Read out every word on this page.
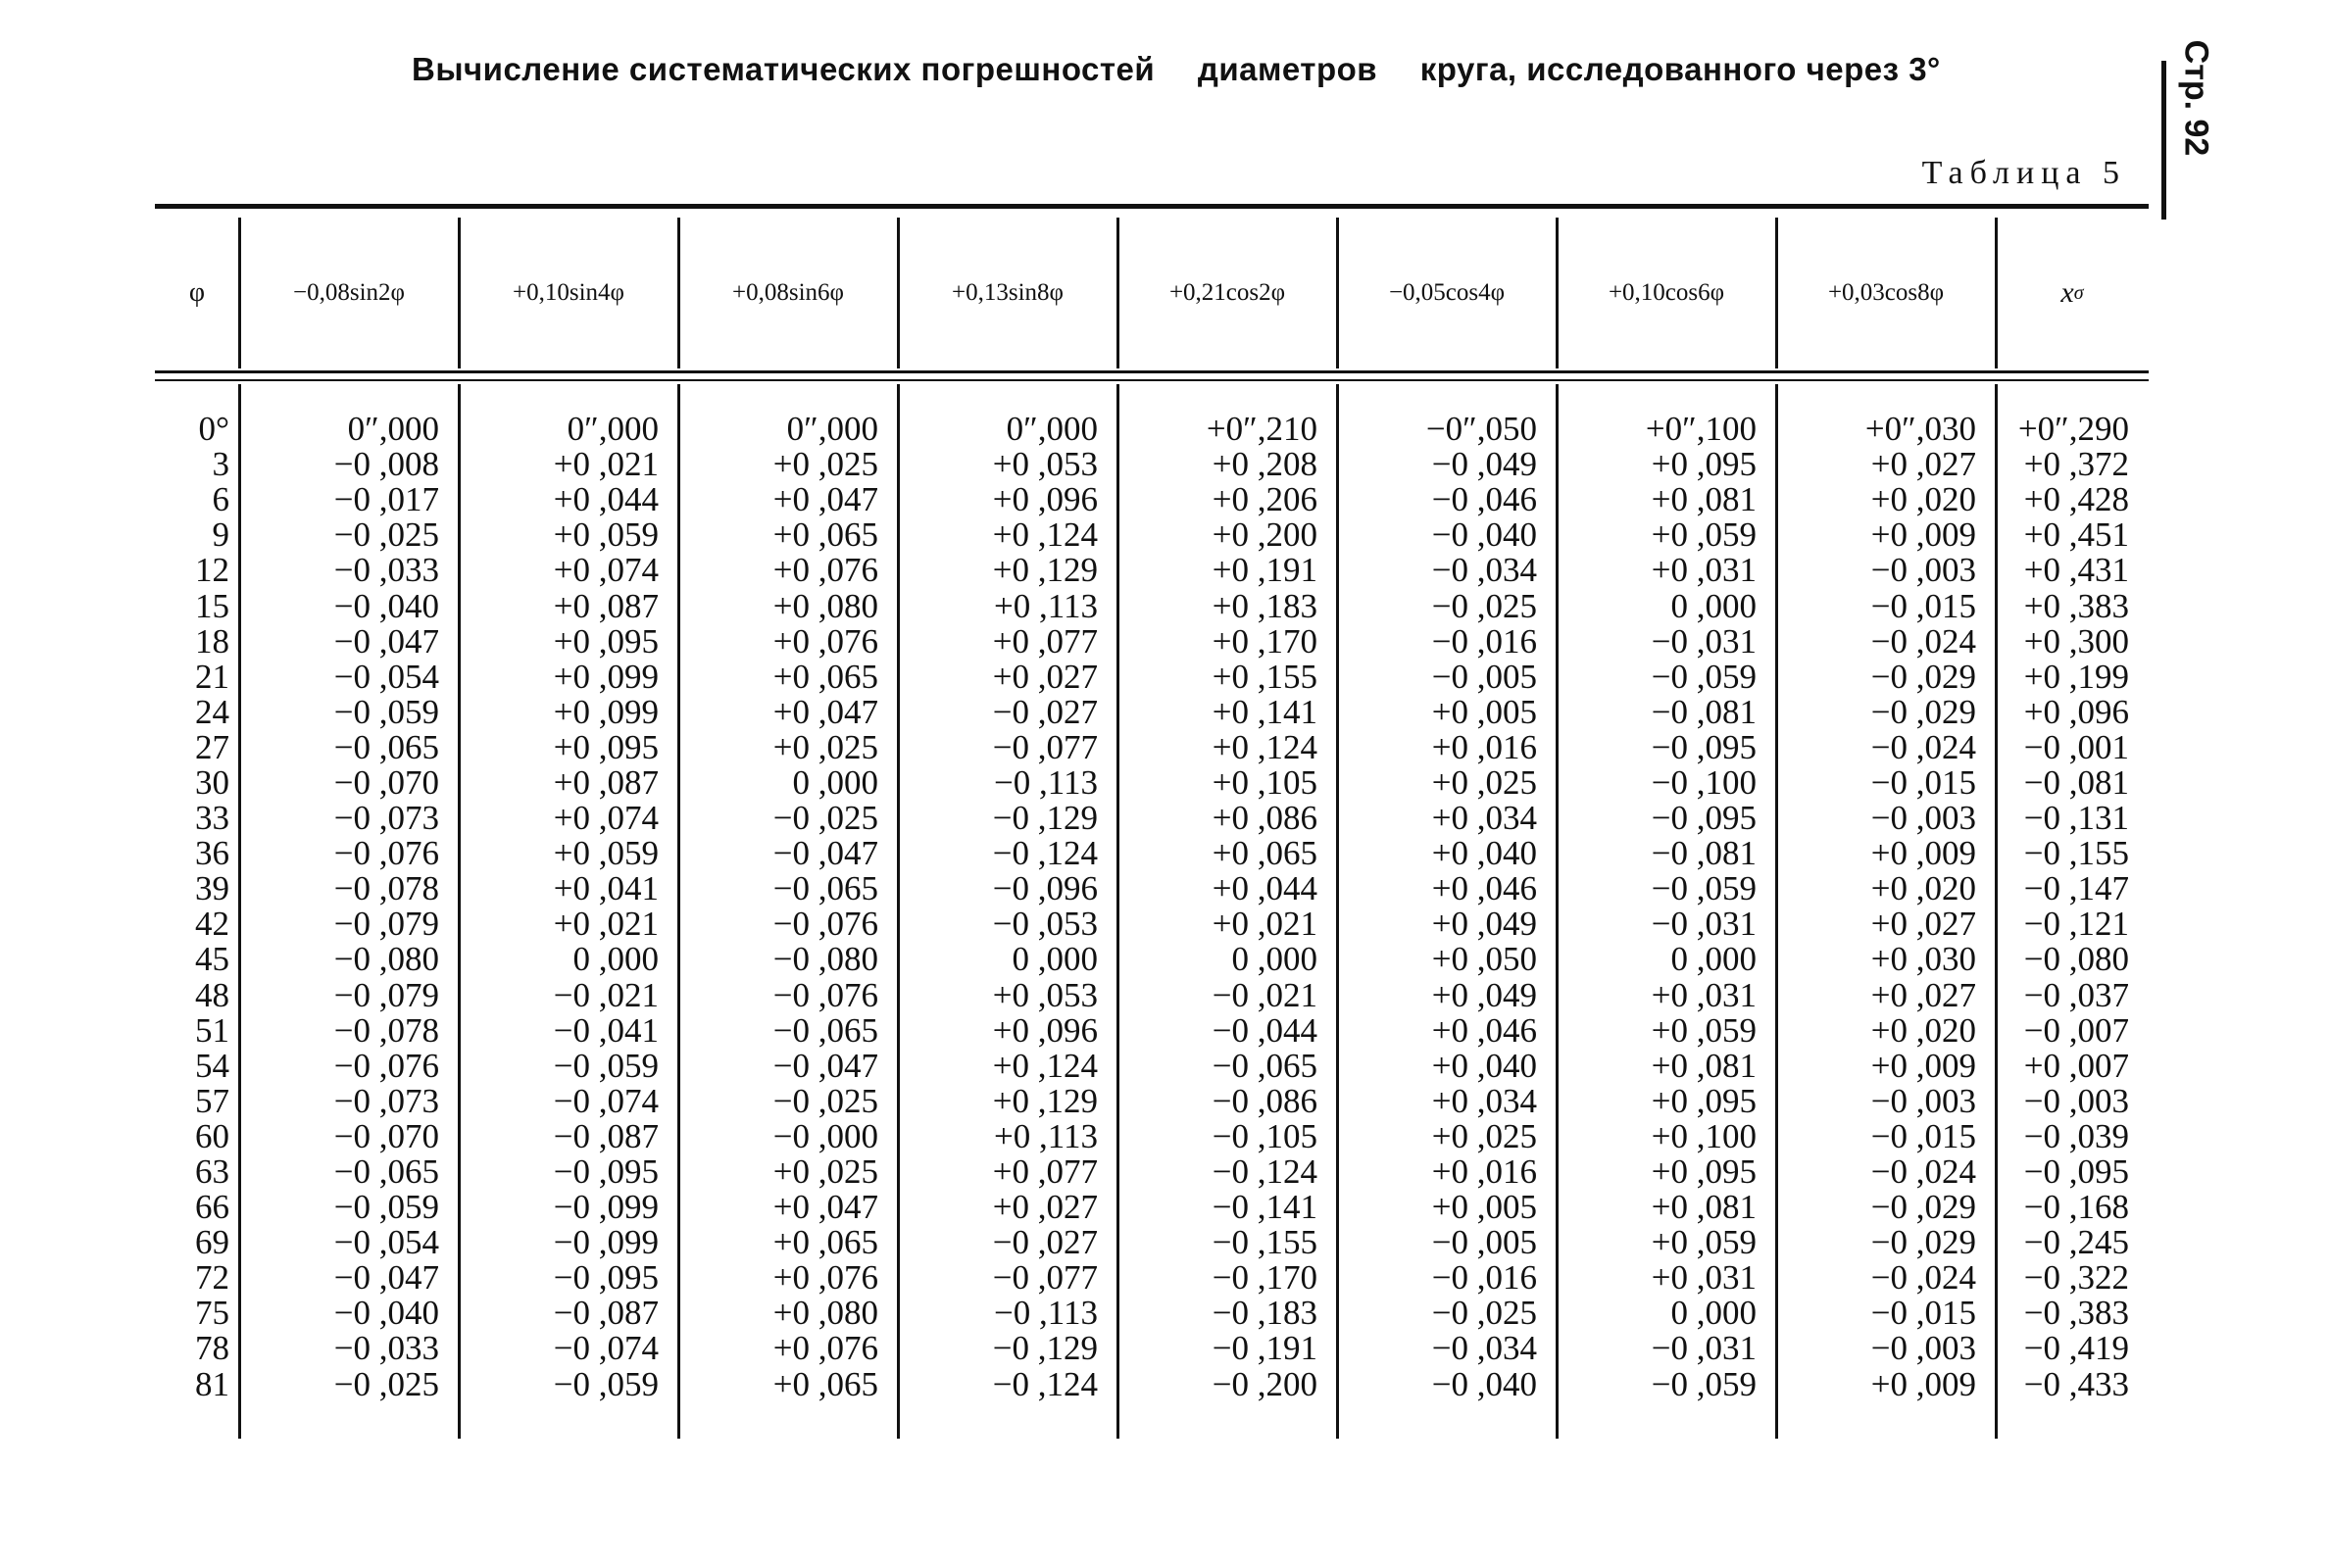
Вычисление систематических погрешностей диаметров круга, исследованного через 3°	Стр. 92
Таблица 5
φ	−0,08sin2φ	+0,10sin4φ	+0,08sin6φ	+0,13sin8φ	+0,21cos2φ	−0,05cos4φ	+0,10cos6φ	+0,03cos8φ	x σ
0°	0″,000	0″,000	0″,000	0″,000	+0″,210	−0″,050	+0″,100	+0″,030	+0″,290
3	−0 ,008	+0 ,021	+0 ,025	+0 ,053	+0 ,208	−0 ,049	+0 ,095	+0 ,027	+0 ,372
6	−0 ,017	+0 ,044	+0 ,047	+0 ,096	+0 ,206	−0 ,046	+0 ,081	+0 ,020	+0 ,428
9	−0 ,025	+0 ,059	+0 ,065	+0 ,124	+0 ,200	−0 ,040	+0 ,059	+0 ,009	+0 ,451
12	−0 ,033	+0 ,074	+0 ,076	+0 ,129	+0 ,191	−0 ,034	+0 ,031	−0 ,003	+0 ,431
15	−0 ,040	+0 ,087	+0 ,080	+0 ,113	+0 ,183	−0 ,025	0 ,000	−0 ,015	+0 ,383
18	−0 ,047	+0 ,095	+0 ,076	+0 ,077	+0 ,170	−0 ,016	−0 ,031	−0 ,024	+0 ,300
21	−0 ,054	+0 ,099	+0 ,065	+0 ,027	+0 ,155	−0 ,005	−0 ,059	−0 ,029	+0 ,199
24	−0 ,059	+0 ,099	+0 ,047	−0 ,027	+0 ,141	+0 ,005	−0 ,081	−0 ,029	+0 ,096
27	−0 ,065	+0 ,095	+0 ,025	−0 ,077	+0 ,124	+0 ,016	−0 ,095	−0 ,024	−0 ,001
30	−0 ,070	+0 ,087	0 ,000	−0 ,113	+0 ,105	+0 ,025	−0 ,100	−0 ,015	−0 ,081
33	−0 ,073	+0 ,074	−0 ,025	−0 ,129	+0 ,086	+0 ,034	−0 ,095	−0 ,003	−0 ,131
36	−0 ,076	+0 ,059	−0 ,047	−0 ,124	+0 ,065	+0 ,040	−0 ,081	+0 ,009	−0 ,155
39	−0 ,078	+0 ,041	−0 ,065	−0 ,096	+0 ,044	+0 ,046	−0 ,059	+0 ,020	−0 ,147
42	−0 ,079	+0 ,021	−0 ,076	−0 ,053	+0 ,021	+0 ,049	−0 ,031	+0 ,027	−0 ,121
45	−0 ,080	0 ,000	−0 ,080	0 ,000	0 ,000	+0 ,050	0 ,000	+0 ,030	−0 ,080
48	−0 ,079	−0 ,021	−0 ,076	+0 ,053	−0 ,021	+0 ,049	+0 ,031	+0 ,027	−0 ,037
51	−0 ,078	−0 ,041	−0 ,065	+0 ,096	−0 ,044	+0 ,046	+0 ,059	+0 ,020	−0 ,007
54	−0 ,076	−0 ,059	−0 ,047	+0 ,124	−0 ,065	+0 ,040	+0 ,081	+0 ,009	+0 ,007
57	−0 ,073	−0 ,074	−0 ,025	+0 ,129	−0 ,086	+0 ,034	+0 ,095	−0 ,003	−0 ,003
60	−0 ,070	−0 ,087	−0 ,000	+0 ,113	−0 ,105	+0 ,025	+0 ,100	−0 ,015	−0 ,039
63	−0 ,065	−0 ,095	+0 ,025	+0 ,077	−0 ,124	+0 ,016	+0 ,095	−0 ,024	−0 ,095
66	−0 ,059	−0 ,099	+0 ,047	+0 ,027	−0 ,141	+0 ,005	+0 ,081	−0 ,029	−0 ,168
69	−0 ,054	−0 ,099	+0 ,065	−0 ,027	−0 ,155	−0 ,005	+0 ,059	−0 ,029	−0 ,245
72	−0 ,047	−0 ,095	+0 ,076	−0 ,077	−0 ,170	−0 ,016	+0 ,031	−0 ,024	−0 ,322
75	−0 ,040	−0 ,087	+0 ,080	−0 ,113	−0 ,183	−0 ,025	0 ,000	−0 ,015	−0 ,383
78	−0 ,033	−0 ,074	+0 ,076	−0 ,129	−0 ,191	−0 ,034	−0 ,031	−0 ,003	−0 ,419
81	−0 ,025	−0 ,059	+0 ,065	−0 ,124	−0 ,200	−0 ,040	−0 ,059	+0 ,009	−0 ,433
